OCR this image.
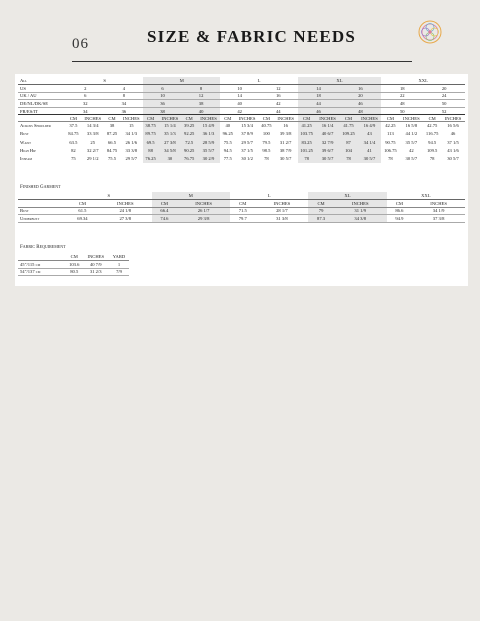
06	SIZE & FABRIC NEEDS
All	S				M				L				XL				XXL			
US	2		4		6		8		10		12		14		16		18		20	
UK / AU	6		8		10		12		14		16		18		20		22		24	
DE/NL/DK/SE	32		34		36		38		40		42		44		46		48		50	
FR/ES/IT	34		36		38		40		42		44		46		48		50		52	
	CM	INCHES	CM	INCHES	CM	INCHES	CM	INCHES	CM	INCHES	CM	INCHES	CM	INCHES	CM	INCHES	CM	INCHES	CM	INCHES
Across Shoulder	37.5	14 3/4	38	15	38.75	15 1/4	39.25	15 4/9	40	15 3/4	40.75	16	41.25	16 1/4	41.75	16 4/9	42.25	16 5/8	42.75	16 5/6
Bust	84.75	33 3/8	87.25	34 1/3	89.75	35 1/3	92.25	36 1/3	96.25	37 8/9	100	39 3/8	103.75	40 6/7	109.25	43	113	44 1/2	116.75	46
Waist	63.5	25	66.5	26 1/6	69.5	27 3/8	72.5	28 5/9	75.5	29 5/7	79.5	31 2/7	83.25	32 7/9	87	34 1/4	90.75	35 5/7	94.5	37 1/5
High Hip	82	32 2/7	84.75	33 3/8	88	34 5/8	90.25	35 5/7	94.5	37 1/5	98.5	38 7/9	101.25	39 6/7	104	41	106.75	42	109.5	43 1/6
Inseam	75	29 1/2	75.5	29 5/7	76.25	30	76.75	30 2/9	77.5	30 1/2	78	30 5/7	78	30 5/7	78	30 5/7	78	30 5/7	78	30 5/7
Finished Garment
	S		M		L		XL		XXL	
	CM	INCHES	CM	INCHES	CM	INCHES	CM	INCHES	CM	INCHES
Bust	61.5	24 1/8	66.4	26 1/7	71.5	28 1/7	79	31 1/9	86.6	34 1/9
Underbust	69.34	27 3/8	74.6	29 3/8	79.7	31 3/8	87.3	34 3/8	94.9	37 3/8
Fabric Requirement
	CM	INCHES	YARD
45"/115 cm	103.6	40 7/9	1
54"/137 cm	80.5	31 2/3	7/9
